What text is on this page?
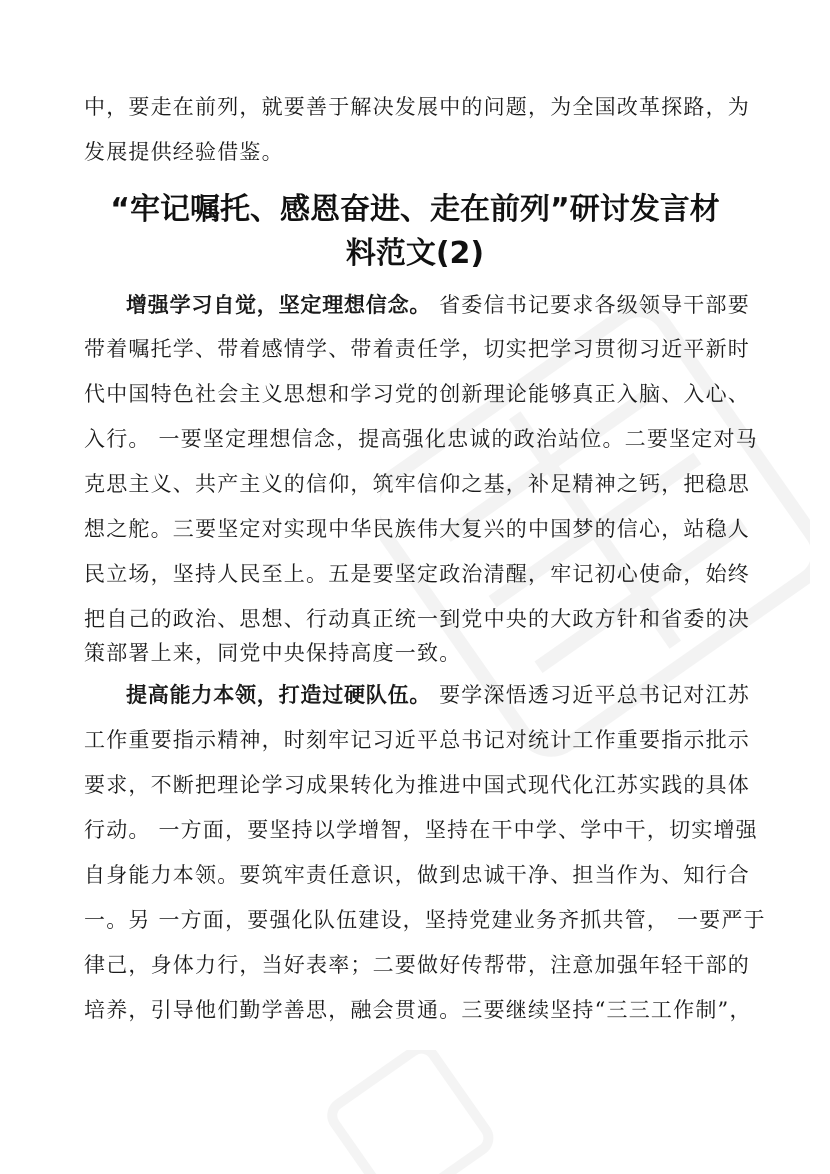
中，要走在前列，就要善于解决发展中的问题，为全国改革探路，为
发展提供经验借鉴。
“牢记嘱托、感恩奋进、走在前列”研讨发言材
料范文(2)
增强学习自觉，坚定理想信念。 省委信书记要求各级领导干部要
带着嘱托学、带着感情学、带着责任学，切实把学习贯彻习近平新时
代中国特色社会主义思想和学习党的创新理论能够真正入脑、入心、
入行。 一要坚定理想信念，提高强化忠诚的政治站位。二要坚定对马
克思主义、共产主义的信仰，筑牢信仰之基，补足精神之钙，把稳思
想之舵。三要坚定对实现中华民族伟大复兴的中国梦的信心，站稳人
民立场，坚持人民至上。五是要坚定政治清醒，牢记初心使命，始终
把自己的政治、思想、行动真正统一到党中央的大政方针和省委的决
策部署上来，同党中央保持高度一致。
提高能力本领，打造过硬队伍。 要学深悟透习近平总书记对江苏
工作重要指示精神，时刻牢记习近平总书记对统计工作重要指示批示
要求，不断把理论学习成果转化为推进中国式现代化江苏实践的具体
行动。 一方面，要坚持以学增智，坚持在干中学、学中干，切实增强
自身能力本领。要筑牢责任意识，做到忠诚干净、担当作为、知行合
一。另 一方面，要强化队伍建设，坚持党建业务齐抓共管， 一要严于
律己，身体力行，当好表率；二要做好传帮带，注意加强年轻干部的
培养，引导他们勤学善思，融会贯通。三要继续坚持“三三工作制”，
